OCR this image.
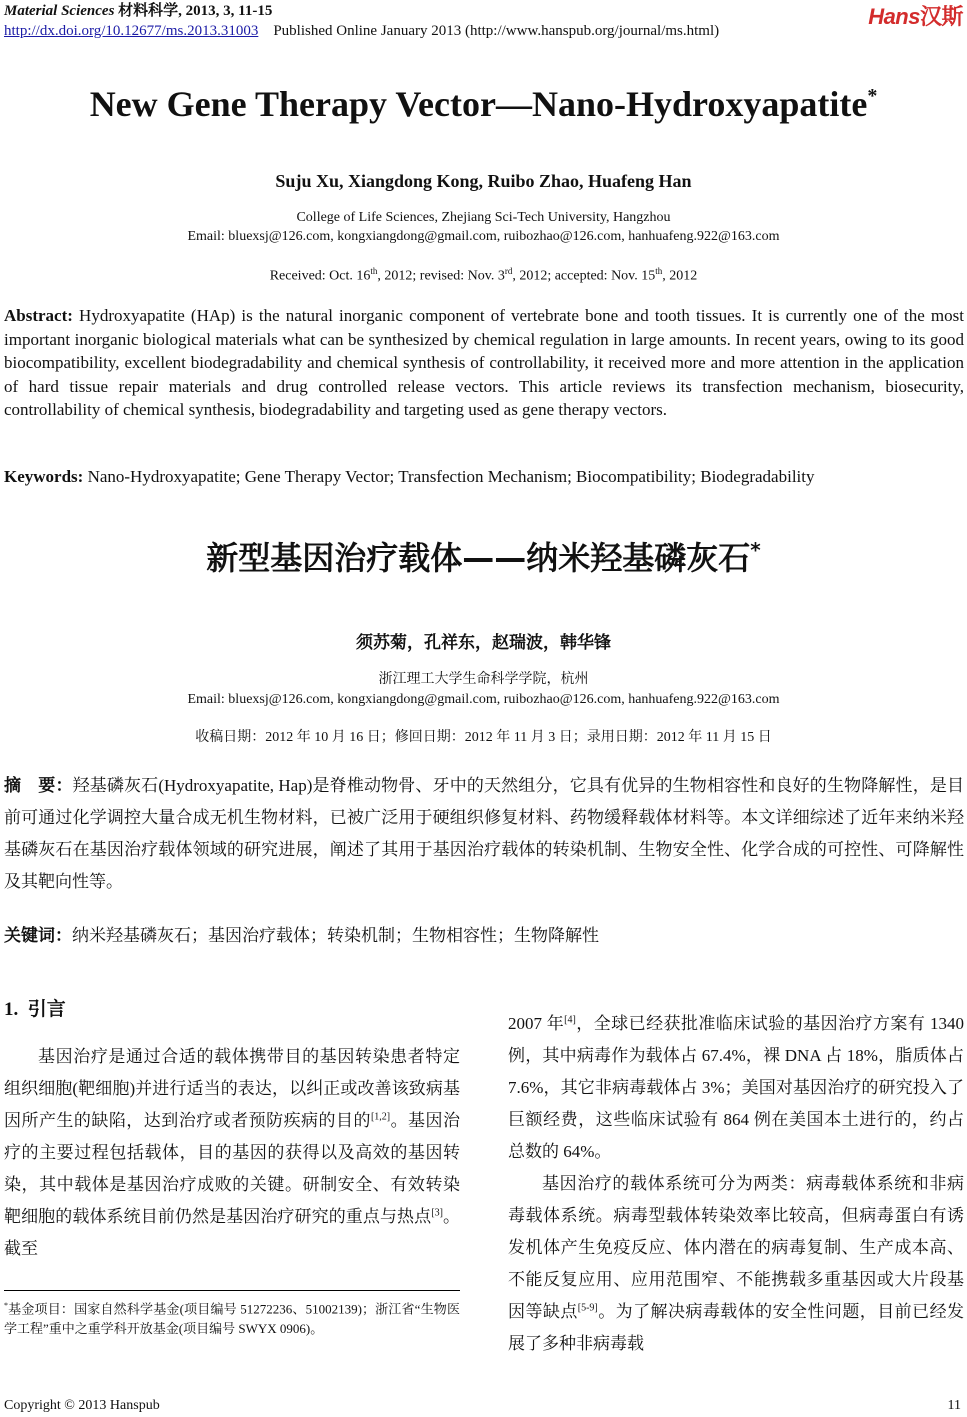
Material Sciences 材料科学, 2013, 3, 11-15
http://dx.doi.org/10.12677/ms.2013.31003 Published Online January 2013 (http://www.hanspub.org/journal/ms.html)
Hans汉斯
New Gene Therapy Vector—Nano-Hydroxyapatite*
Suju Xu, Xiangdong Kong, Ruibo Zhao, Huafeng Han
College of Life Sciences, Zhejiang Sci-Tech University, Hangzhou
Email: bluexsj@126.com, kongxiangdong@gmail.com, ruibozhao@126.com, hanhuafeng.922@163.com
Received: Oct. 16th, 2012; revised: Nov. 3rd, 2012; accepted: Nov. 15th, 2012
Abstract: Hydroxyapatite (HAp) is the natural inorganic component of vertebrate bone and tooth tissues. It is currently one of the most important inorganic biological materials what can be synthesized by chemical regulation in large amounts. In recent years, owing to its good biocompatibility, excellent biodegradability and chemical synthesis of controllability, it received more and more attention in the application of hard tissue repair materials and drug controlled release vectors. This article reviews its transfection mechanism, biosecurity, controllability of chemical synthesis, biodegradability and targeting used as gene therapy vectors.
Keywords: Nano-Hydroxyapatite; Gene Therapy Vector; Transfection Mechanism; Biocompatibility; Biodegradability
新型基因治疗载体——纳米羟基磷灰石*
须苏菊，孔祥东，赵瑞波，韩华锋
浙江理工大学生命科学学院，杭州
Email: bluexsj@126.com, kongxiangdong@gmail.com, ruibozhao@126.com, hanhuafeng.922@163.com
收稿日期：2012 年 10 月 16 日；修回日期：2012 年 11 月 3 日；录用日期：2012 年 11 月 15 日
摘　要：羟基磷灰石(Hydroxyapatite, Hap)是脊椎动物骨、牙中的天然组分，它具有优异的生物相容性和良好的生物降解性，是目前可通过化学调控大量合成无机生物材料，已被广泛用于硬组织修复材料、药物缓释载体材料等。本文详细综述了近年来纳米羟基磷灰石在基因治疗载体领域的研究进展，阐述了其用于基因治疗载体的转染机制、生物安全性、化学合成的可控性、可降解性及其靶向性等。
关键词：纳米羟基磷灰石；基因治疗载体；转染机制；生物相容性；生物降解性
1. 引言

基因治疗是通过合适的载体携带目的基因转染患者特定组织细胞(靶细胞)并进行适当的表达，以纠正或改善该致病基因所产生的缺陷，达到治疗或者预防疾病的目的[1,2]。基因治疗的主要过程包括载体，目的基因的获得以及高效的基因转染，其中载体是基因治疗成败的关键。研制安全、有效转染靶细胞的载体系统目前仍然是基因治疗研究的重点与热点[3]。截至

2007 年[4]，全球已经获批准临床试验的基因治疗方案有 1340 例，其中病毒作为载体占 67.4%，裸 DNA 占 18%，脂质体占 7.6%，其它非病毒载体占 3%；美国对基因治疗的研究投入了巨额经费，这些临床试验有 864 例在美国本土进行的，约占总数的 64%。

基因治疗的载体系统可分为两类：病毒载体系统和非病毒载体系统。病毒型载体转染效率比较高，但病毒蛋白有诱发机体产生免疫反应、体内潜在的病毒复制、生产成本高、不能反复应用、应用范围窄、不能携载多重基因或大片段基因等缺点[5-9]。为了解决病毒载体的安全性问题，目前已经发展了多种非病毒载

*基金项目：国家自然科学基金(项目编号 51272236、51002139)；浙江省“生物医学工程”重中之重学科开放基金(项目编号 SWYX 0906)。
Copyright © 2013 Hanspub	11
